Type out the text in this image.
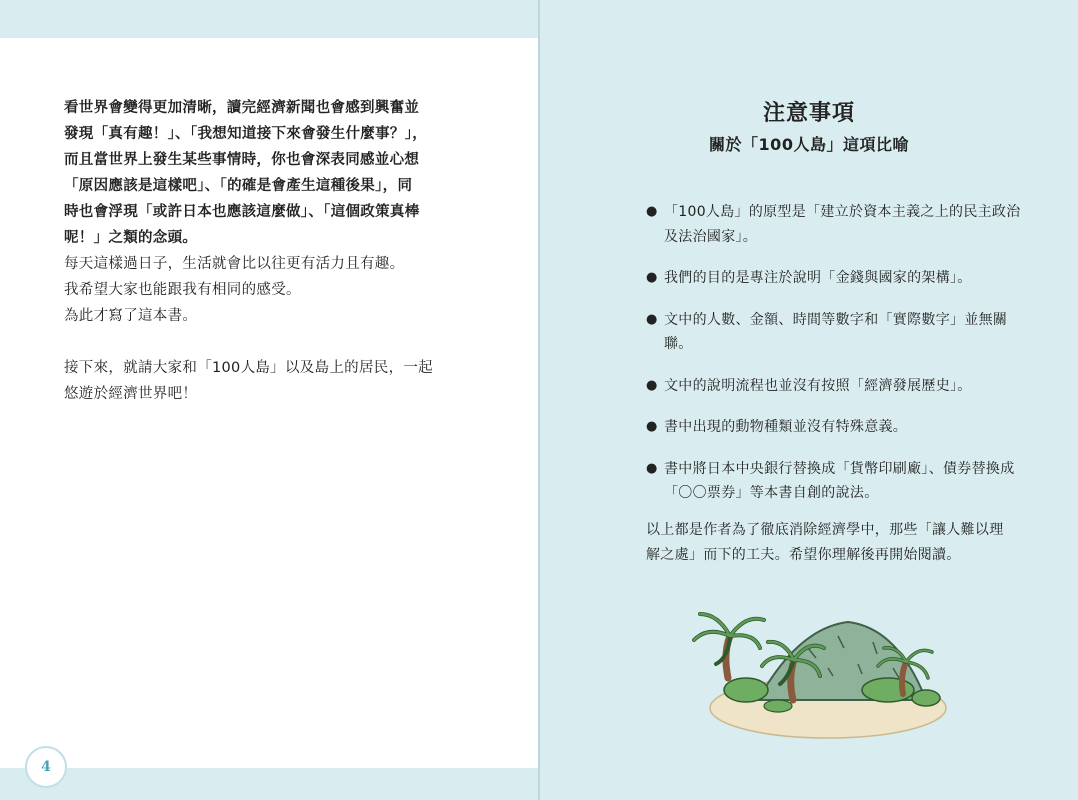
看世界會變得更加清晰，讀完經濟新聞也會感到興奮並

發現「真有趣！」、「我想知道接下來會發生什麼事？」，

而且當世界上發生某些事情時，你也會深表同感並心想

「原因應該是這樣吧」、「的確是會產生這種後果」，同

時也會浮現「或許日本也應該這麼做」、「這個政策真棒

呢！」之類的念頭。

每天這樣過日子，生活就會比以往更有活力且有趣。

我希望大家也能跟我有相同的感受。

為此才寫了這本書。

接下來，就請大家和「100人島」以及島上的居民，一起

悠遊於經濟世界吧！

4
注意事項
關於「100人島」這項比喻
● 「100人島」的原型是「建立於資本主義之上的民主政治
及法治國家」。
● 我們的目的是專注於說明「金錢與國家的架構」。
● 文中的人數、金額、時間等數字和「實際數字」並無關
聯。
● 文中的說明流程也並沒有按照「經濟發展歷史」。
● 書中出現的動物種類並沒有特殊意義。
● 書中將日本中央銀行替換成「貨幣印刷廠」、債券替換成
「〇〇票券」等本書自創的說法。

以上都是作者為了徹底消除經濟學中，那些「讓人難以理
解之處」而下的工夫。希望你理解後再開始閱讀。
